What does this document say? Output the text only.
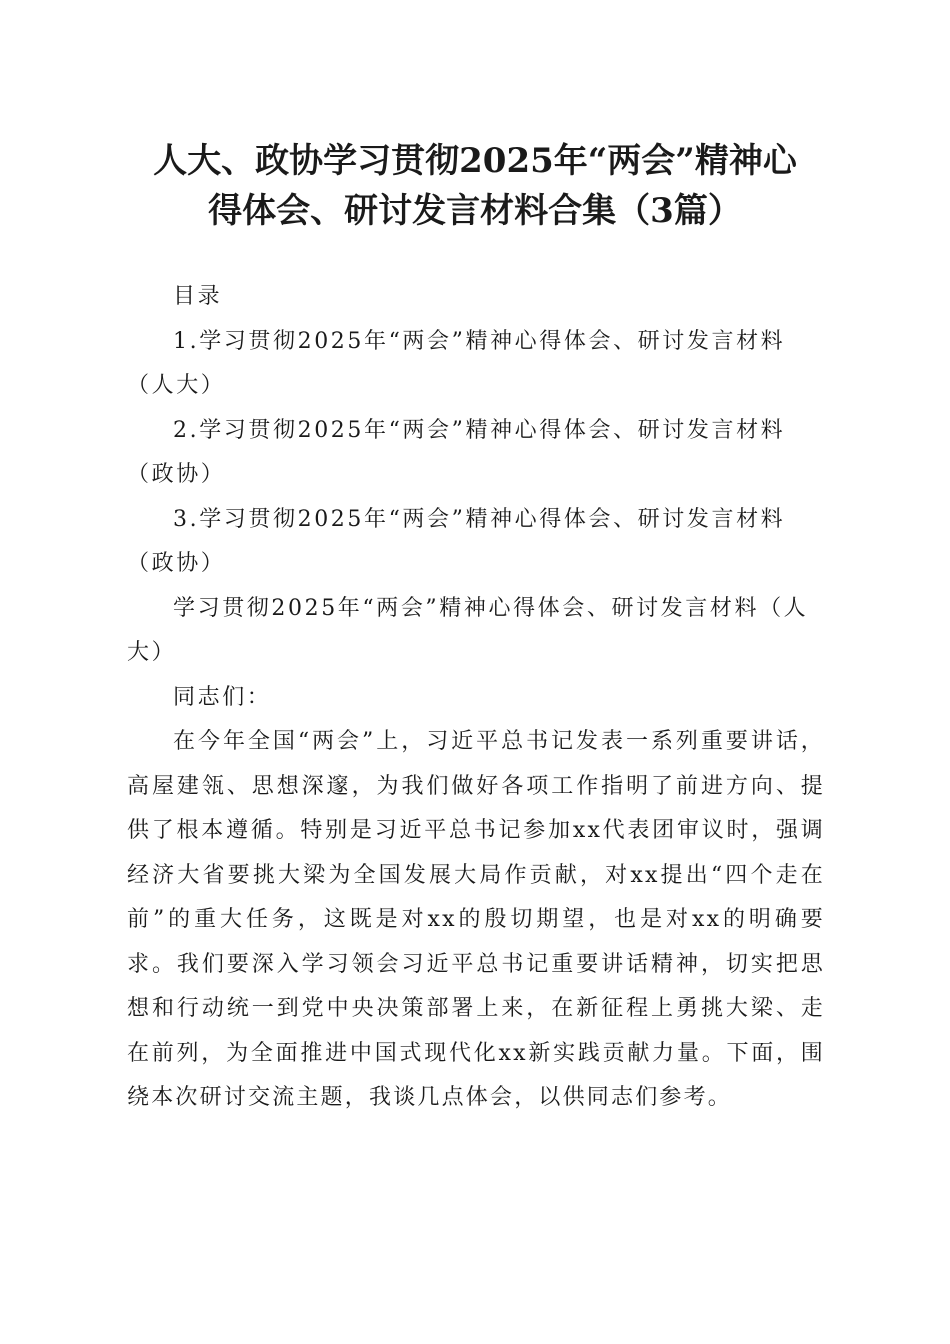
人大、政协学习贯彻2025年“两会”精神心
得体会、研讨发言材料合集（3篇）

目录

1.学习贯彻2025年“两会”精神心得体会、研讨发言材料（人大）

2.学习贯彻2025年“两会”精神心得体会、研讨发言材料（政协）

3.学习贯彻2025年“两会”精神心得体会、研讨发言材料（政协）

学习贯彻2025年“两会”精神心得体会、研讨发言材料（人大）

同志们：

在今年全国“两会”上，习近平总书记发表一系列重要讲话，高屋建瓴、思想深邃，为我们做好各项工作指明了前进方向、提供了根本遵循。特别是习近平总书记参加xx代表团审议时，强调经济大省要挑大梁为全国发展大局作贡献，对xx提出“四个走在前”的重大任务，这既是对xx的殷切期望，也是对xx的明确要求。我们要深入学习领会习近平总书记重要讲话精神，切实把思想和行动统一到党中央决策部署上来，在新征程上勇挑大梁、走在前列，为全面推进中国式现代化xx新实践贡献力量。下面，围绕本次研讨交流主题，我谈几点体会，以供同志们参考。
